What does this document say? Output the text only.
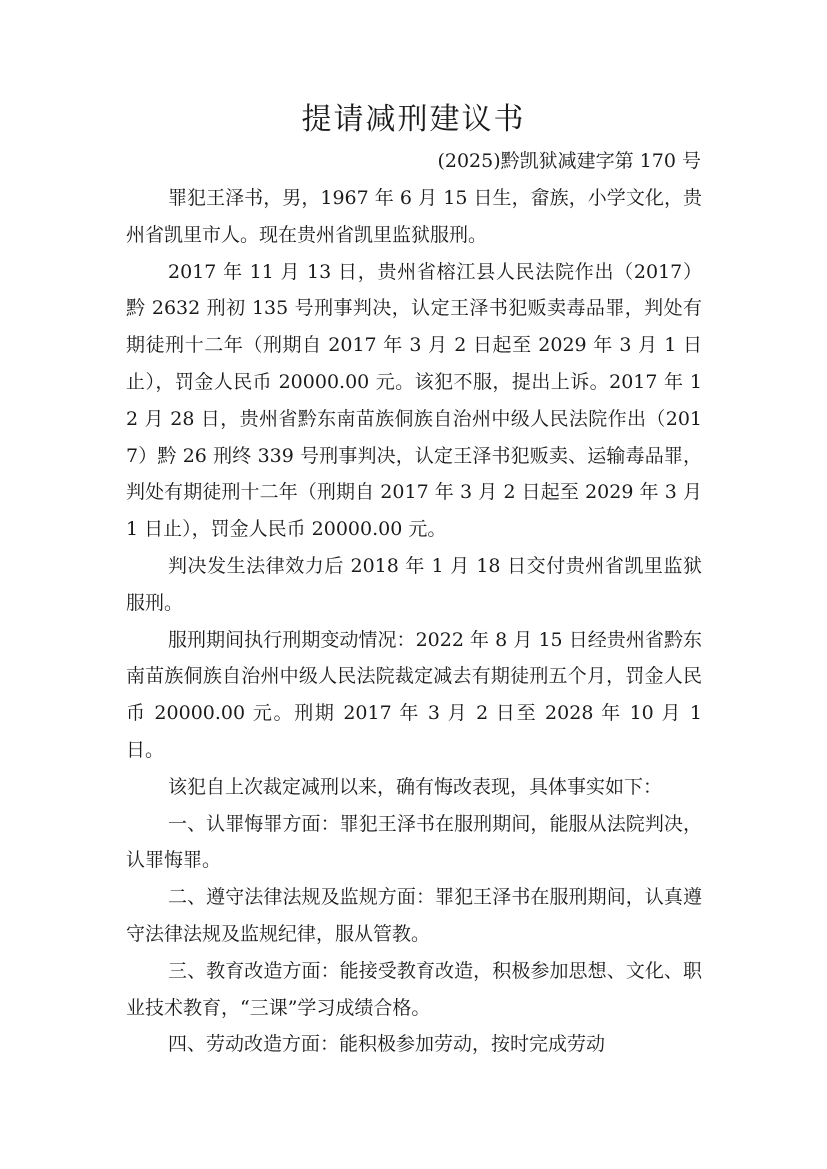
提请减刑建议书
(2025)黔凯狱减建字第 170 号

罪犯王泽书，男，1967 年 6 月 15 日生，畲族，小学文化，贵州省凯里市人。现在贵州省凯里监狱服刑。

2017 年 11 月 13 日，贵州省榕江县人民法院作出（2017）黔 2632 刑初 135 号刑事判决，认定王泽书犯贩卖毒品罪，判处有期徒刑十二年（刑期自 2017 年 3 月 2 日起至 2029 年 3 月 1 日止），罚金人民币 20000.00 元。该犯不服，提出上诉。2017 年 12 月 28 日，贵州省黔东南苗族侗族自治州中级人民法院作出（2017）黔 26 刑终 339 号刑事判决，认定王泽书犯贩卖、运输毒品罪，判处有期徒刑十二年（刑期自 2017 年 3 月 2 日起至 2029 年 3 月 1 日止），罚金人民币 20000.00 元。

判决发生法律效力后 2018 年 1 月 18 日交付贵州省凯里监狱服刑。

服刑期间执行刑期变动情况：2022 年 8 月 15 日经贵州省黔东南苗族侗族自治州中级人民法院裁定减去有期徒刑五个月，罚金人民币 20000.00 元。刑期 2017 年 3 月 2 日至 2028 年 10 月 1 日。

该犯自上次裁定减刑以来，确有悔改表现，具体事实如下：

一、认罪悔罪方面：罪犯王泽书在服刑期间，能服从法院判决，认罪悔罪。

二、遵守法律法规及监规方面：罪犯王泽书在服刑期间，认真遵守法律法规及监规纪律，服从管教。

三、教育改造方面：能接受教育改造，积极参加思想、文化、职业技术教育，“三课”学习成绩合格。

四、劳动改造方面：能积极参加劳动，按时完成劳动
